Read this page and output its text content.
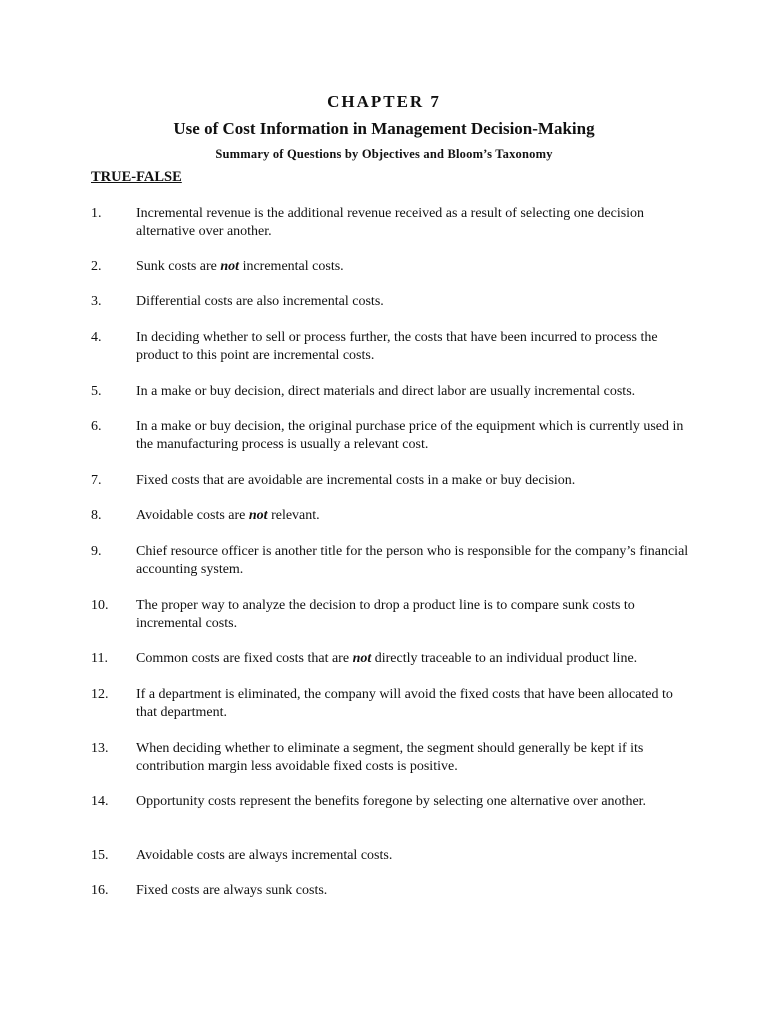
CHAPTER 7
Use of Cost Information in Management Decision-Making
Summary of Questions by Objectives and Bloom’s Taxonomy
TRUE-FALSE
1.	Incremental revenue is the additional revenue received as a result of selecting one decision alternative over another.
2.	Sunk costs are not incremental costs.
3.	Differential costs are also incremental costs.
4.	In deciding whether to sell or process further, the costs that have been incurred to process the product to this point are incremental costs.
5.	In a make or buy decision, direct materials and direct labor are usually incremental costs.
6.	In a make or buy decision, the original purchase price of the equipment which is currently used in the manufacturing process is usually a relevant cost.
7.	Fixed costs that are avoidable are incremental costs in a make or buy decision.
8.	Avoidable costs are not relevant.
9.	Chief resource officer is another title for the person who is responsible for the company’s financial accounting system.
10.	The proper way to analyze the decision to drop a product line is to compare sunk costs to incremental costs.
11.	Common costs are fixed costs that are not directly traceable to an individual product line.
12.	If a department is eliminated, the company will avoid the fixed costs that have been allocated to that department.
13.	When deciding whether to eliminate a segment, the segment should generally be kept if its contribution margin less avoidable fixed costs is positive.
14.	Opportunity costs represent the benefits foregone by selecting one alternative over another.
15.	Avoidable costs are always incremental costs.
16.	Fixed costs are always sunk costs.
